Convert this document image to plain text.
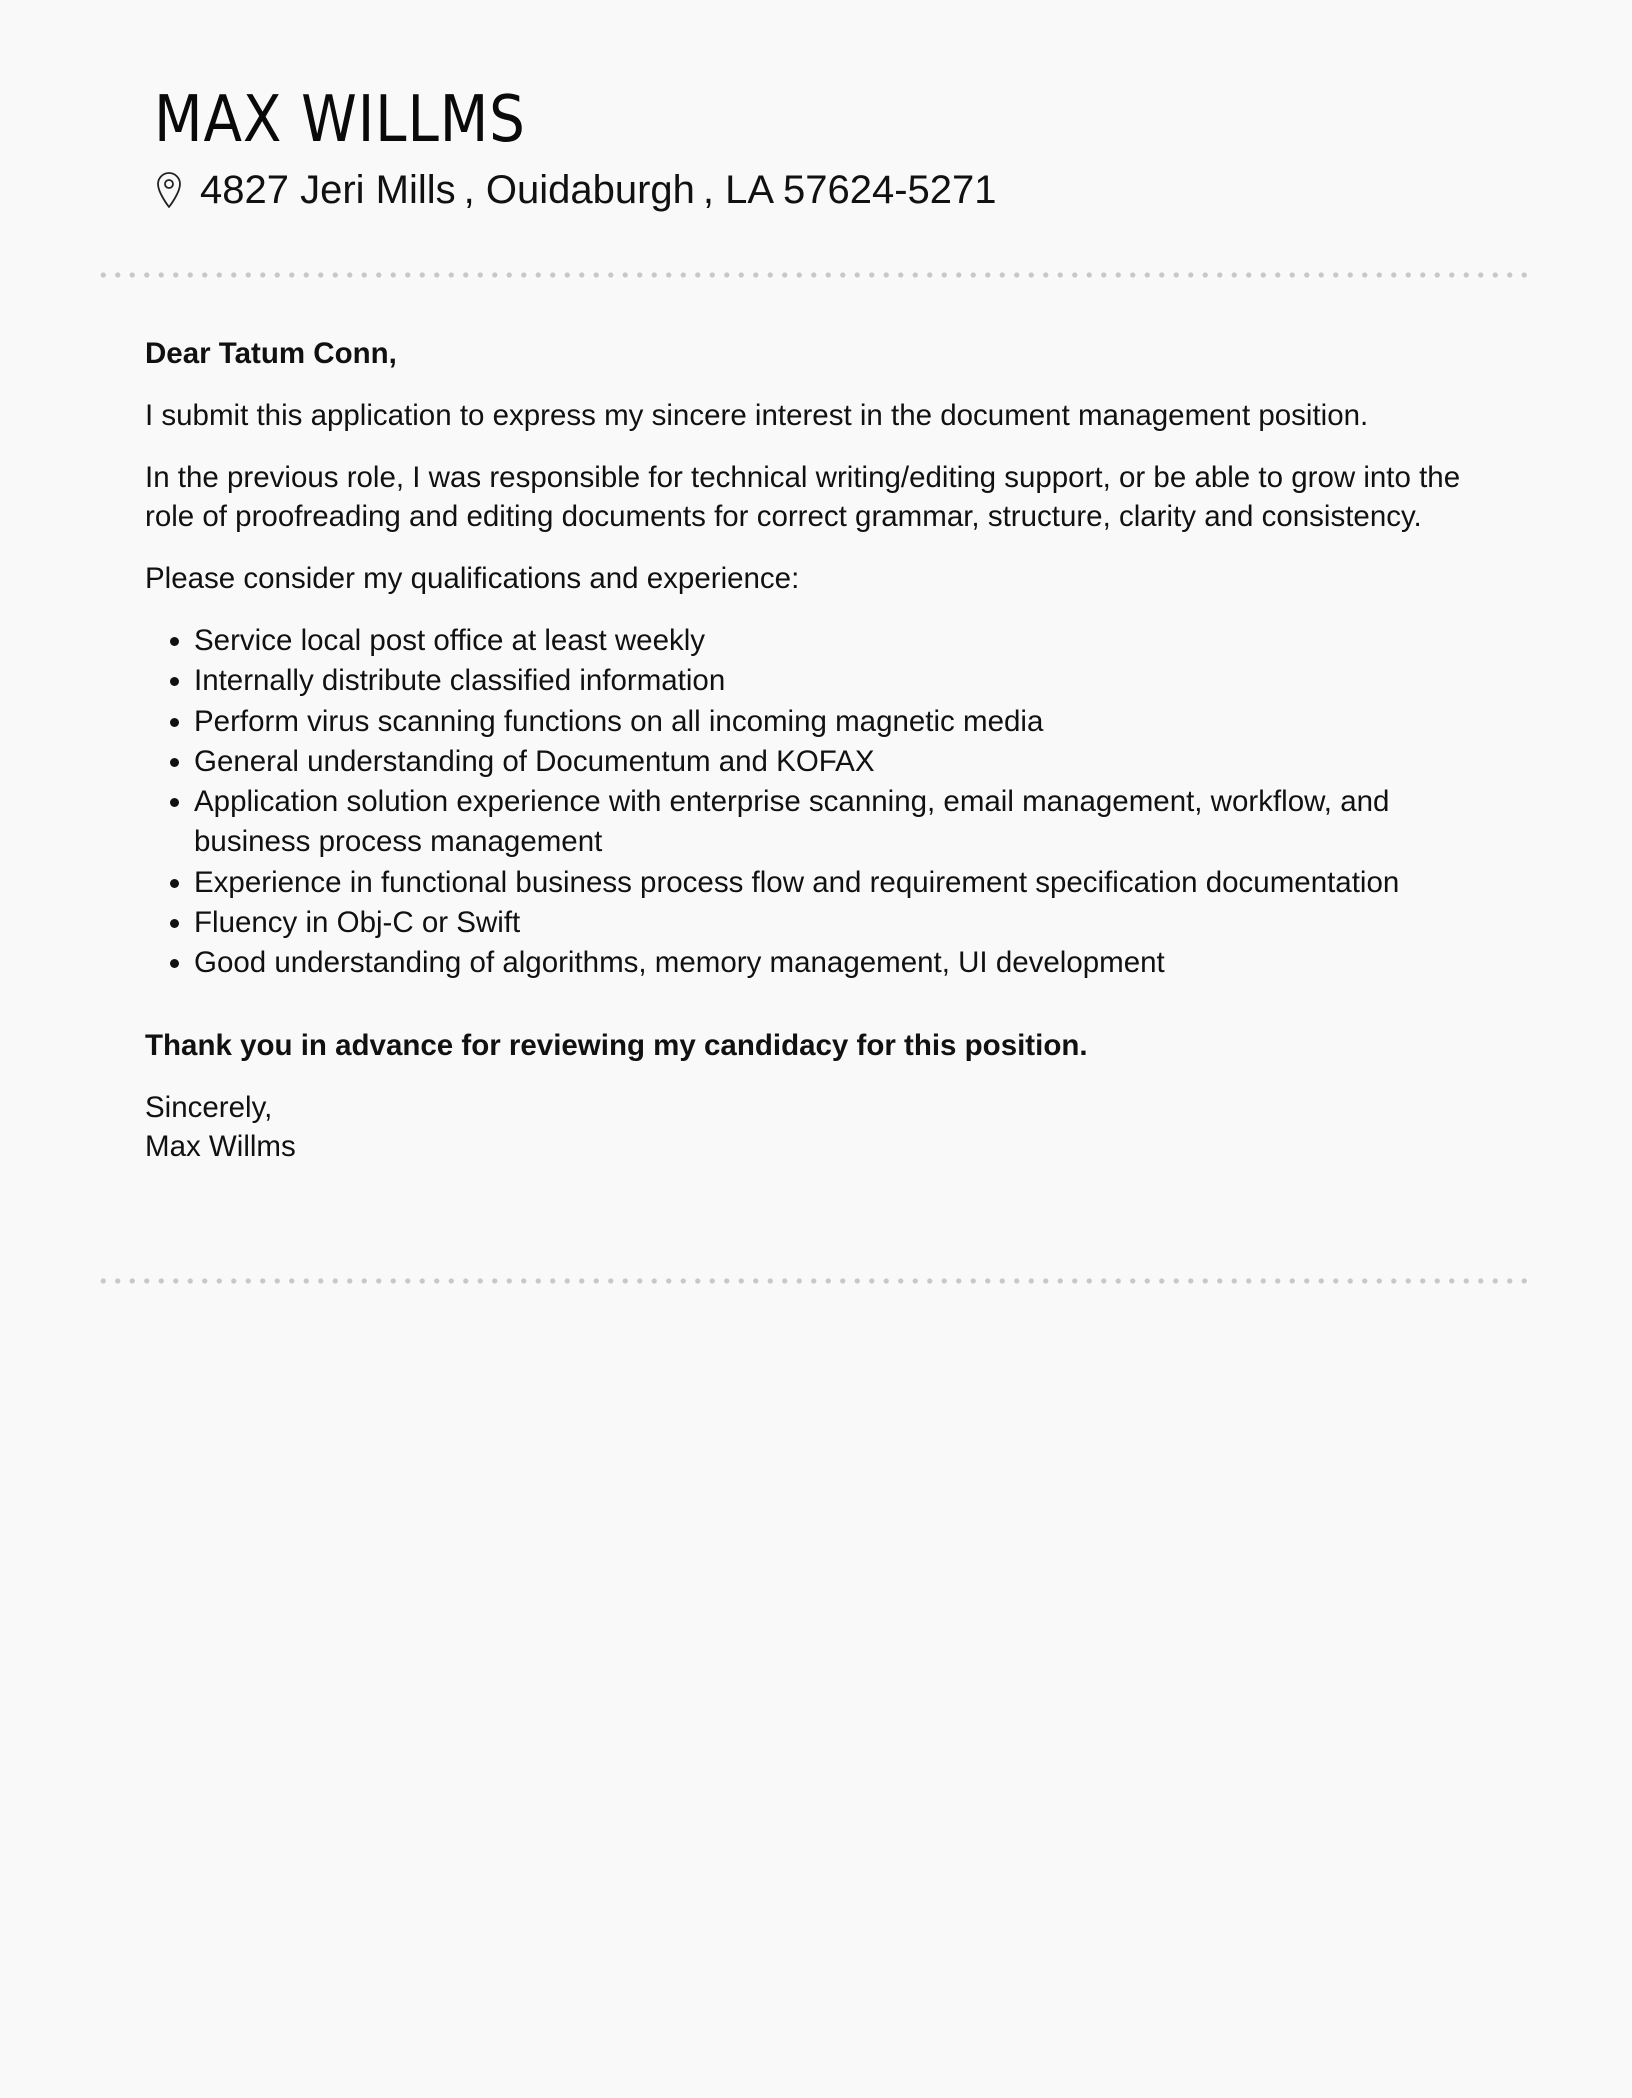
MAX WILLMS
4827 Jeri Mills , Ouidaburgh , LA 57624-5271

Dear Tatum Conn,

I submit this application to express my sincere interest in the document management position.

In the previous role, I was responsible for technical writing/editing support, or be able to grow into the role of proofreading and editing documents for correct grammar, structure, clarity and consistency.

Please consider my qualifications and experience:

• Service local post office at least weekly
• Internally distribute classified information
• Perform virus scanning functions on all incoming magnetic media
• General understanding of Documentum and KOFAX
• Application solution experience with enterprise scanning, email management, workflow, and business process management
• Experience in functional business process flow and requirement specification documentation
• Fluency in Obj-C or Swift
• Good understanding of algorithms, memory management, UI development

Thank you in advance for reviewing my candidacy for this position.

Sincerely,
Max Willms
